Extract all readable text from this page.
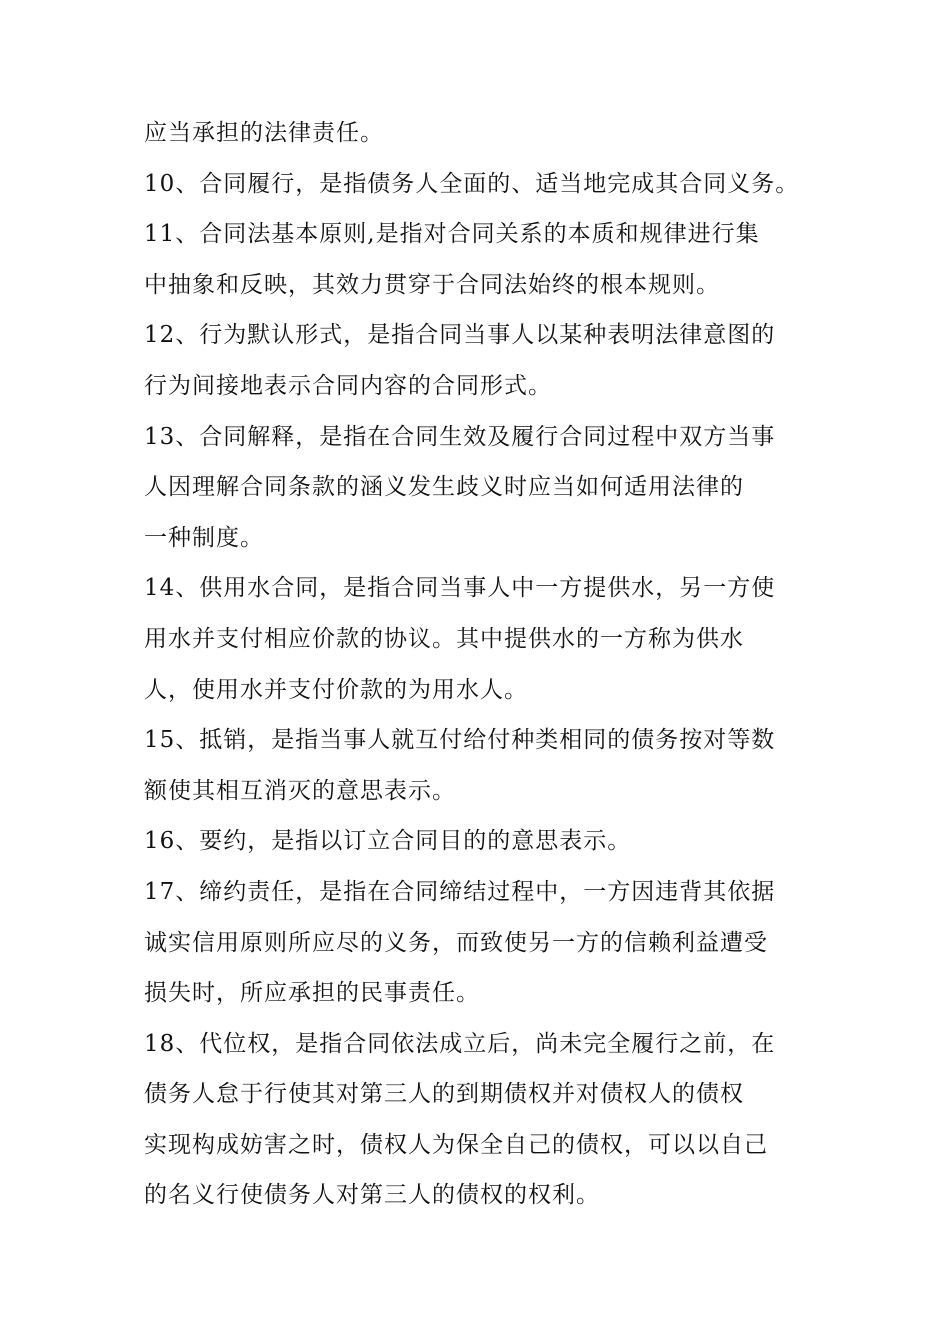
应当承担的法律责任。
10、合同履行，是指债务人全面的、适当地完成其合同义务。
11、合同法基本原则,是指对合同关系的本质和规律进行集
中抽象和反映，其效力贯穿于合同法始终的根本规则。
12、行为默认形式，是指合同当事人以某种表明法律意图的
行为间接地表示合同内容的合同形式。
13、合同解释，是指在合同生效及履行合同过程中双方当事
人因理解合同条款的涵义发生歧义时应当如何适用法律的
一种制度。
14、供用水合同，是指合同当事人中一方提供水，另一方使
用水并支付相应价款的协议。其中提供水的一方称为供水
人，使用水并支付价款的为用水人。
15、抵销，是指当事人就互付给付种类相同的债务按对等数
额使其相互消灭的意思表示。
16、要约，是指以订立合同目的的意思表示。
17、缔约责任，是指在合同缔结过程中，一方因违背其依据
诚实信用原则所应尽的义务，而致使另一方的信赖利益遭受
损失时，所应承担的民事责任。
18、代位权，是指合同依法成立后，尚未完全履行之前，在
债务人怠于行使其对第三人的到期债权并对债权人的债权
实现构成妨害之时，债权人为保全自己的债权，可以以自己
的名义行使债务人对第三人的债权的权利。
